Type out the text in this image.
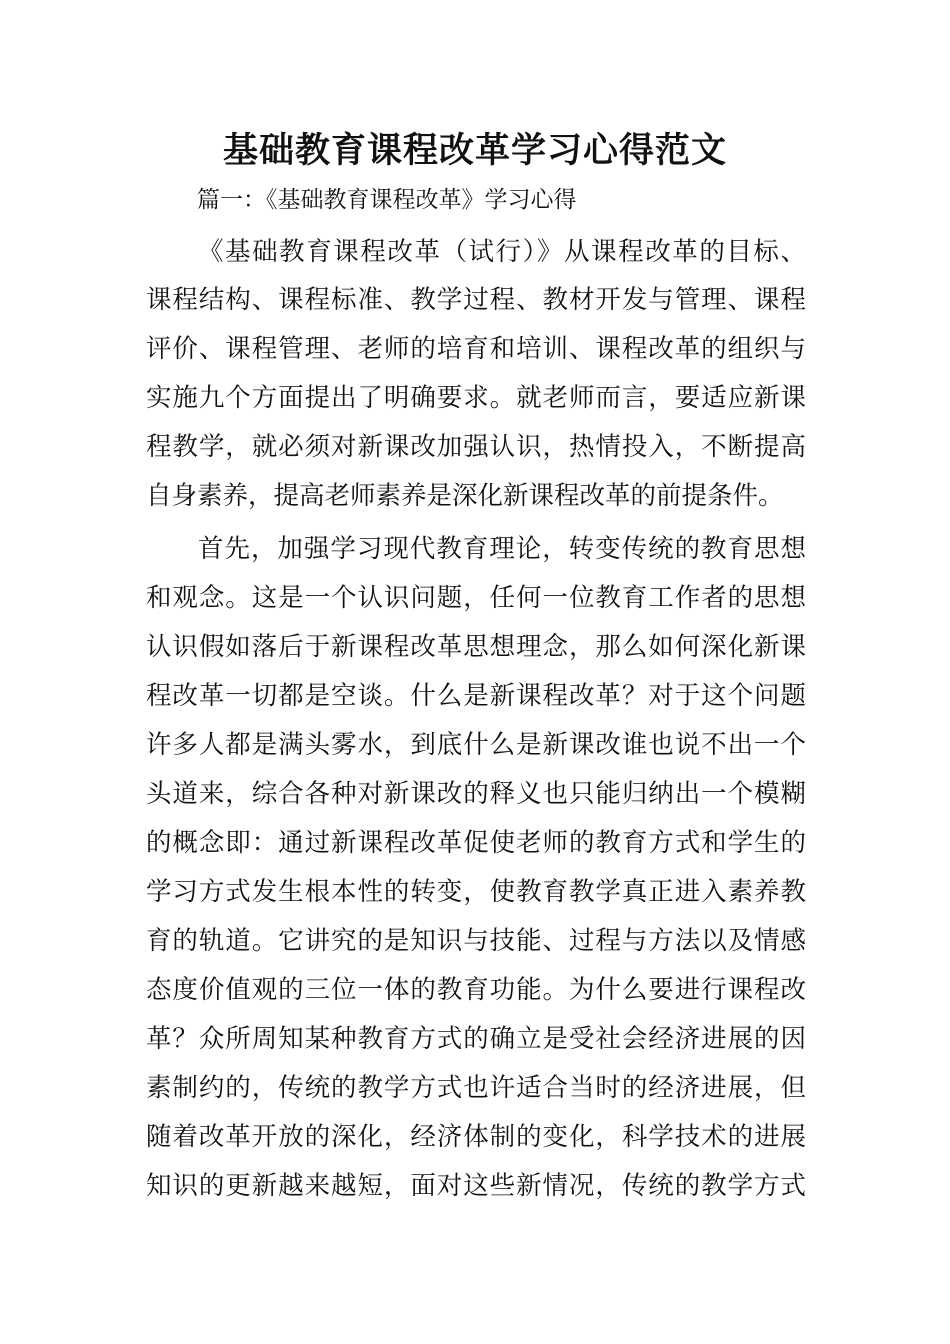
基础教育课程改革学习心得范文
篇一：《基础教育课程改革》学习心得
《基础教育课程改革（试行）》从课程改革的目标、
课程结构、课程标准、教学过程、教材开发与管理、课程
评价、课程管理、老师的培育和培训、课程改革的组织与
实施九个方面提出了明确要求。就老师而言，要适应新课
程教学，就必须对新课改加强认识，热情投入，不断提高
自身素养，提高老师素养是深化新课程改革的前提条件。
首先，加强学习现代教育理论，转变传统的教育思想
和观念。这是一个认识问题，任何一位教育工作者的思想
认识假如落后于新课程改革思想理念，那么如何深化新课
程改革一切都是空谈。什么是新课程改革？对于这个问题
许多人都是满头雾水，到底什么是新课改谁也说不出一个
头道来，综合各种对新课改的释义也只能归纳出一个模糊
的概念即：通过新课程改革促使老师的教育方式和学生的
学习方式发生根本性的转变，使教育教学真正进入素养教
育的轨道。它讲究的是知识与技能、过程与方法以及情感
态度价值观的三位一体的教育功能。为什么要进行课程改
革？众所周知某种教育方式的确立是受社会经济进展的因
素制约的，传统的教学方式也许适合当时的经济进展，但
随着改革开放的深化，经济体制的变化，科学技术的进展
知识的更新越来越短，面对这些新情况，传统的教学方式
